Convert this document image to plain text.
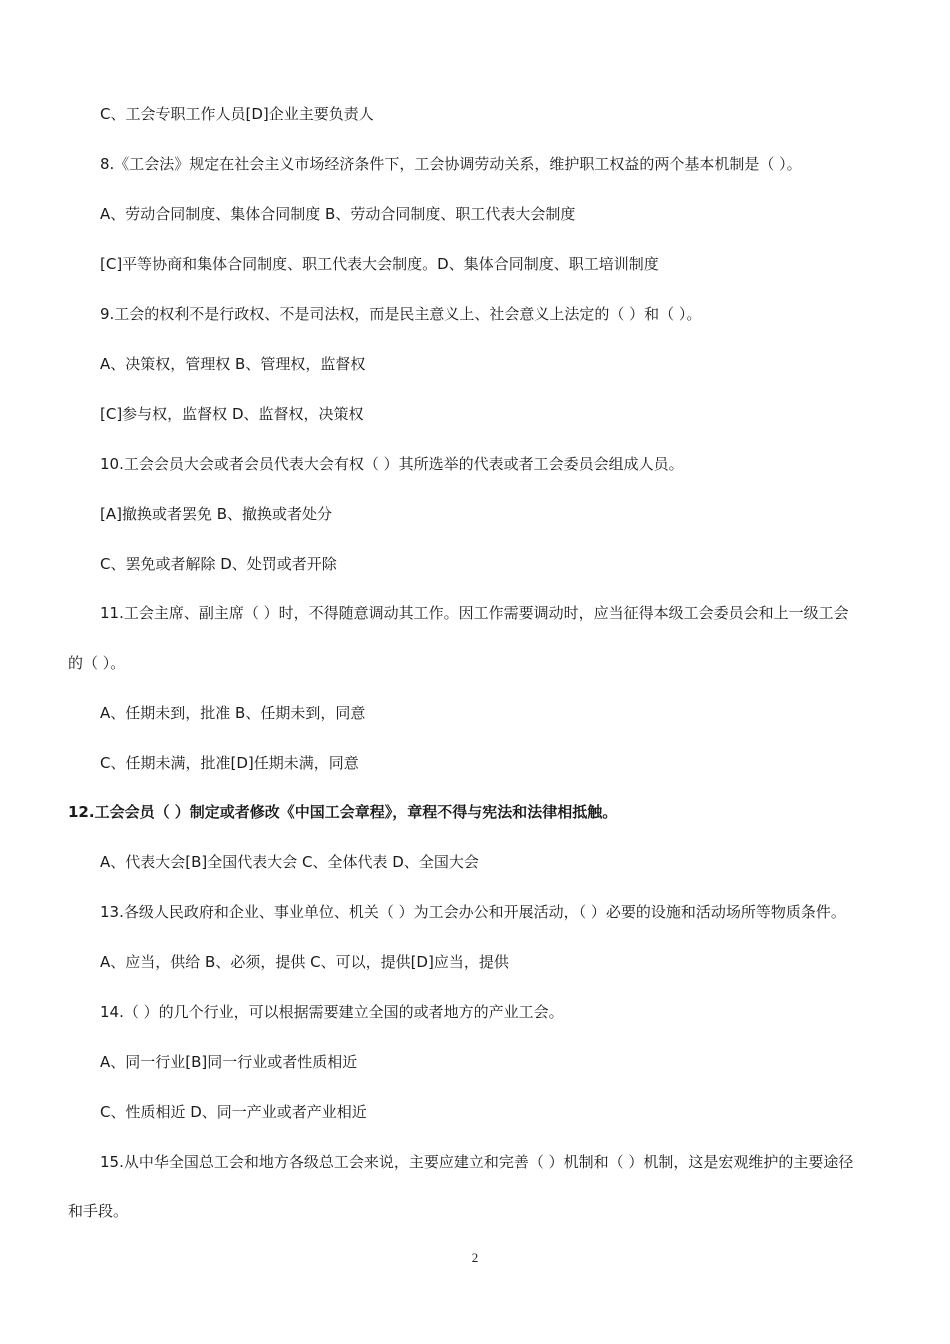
C、工会专职工作人员[D]企业主要负责人
8.《工会法》规定在社会主义市场经济条件下，工会协调劳动关系，维护职工权益的两个基本机制是（ ）。
A、劳动合同制度、集体合同制度 B、劳动合同制度、职工代表大会制度
[C]平等协商和集体合同制度、职工代表大会制度。D、集体合同制度、职工培训制度
9.工会的权利不是行政权、不是司法权，而是民主意义上、社会意义上法定的（ ）和（ ）。
A、决策权，管理权 B、管理权，监督权
[C]参与权，监督权 D、监督权，决策权
10.工会会员大会或者会员代表大会有权（ ）其所选举的代表或者工会委员会组成人员。
[A]撤换或者罢免 B、撤换或者处分
C、罢免或者解除 D、处罚或者开除
11.工会主席、副主席（ ）时，不得随意调动其工作。因工作需要调动时，应当征得本级工会委员会和上一级工会
的（ ）。
A、任期未到，批准 B、任期未到，同意
C、任期未满，批准[D]任期未满，同意
12.工会会员（ ）制定或者修改《中国工会章程》，章程不得与宪法和法律相抵触。
A、代表大会[B]全国代表大会 C、全体代表 D、全国大会
13.各级人民政府和企业、事业单位、机关（ ）为工会办公和开展活动，（ ）必要的设施和活动场所等物质条件。
A、应当，供给 B、必须，提供 C、可以，提供[D]应当，提供
14.（ ）的几个行业，可以根据需要建立全国的或者地方的产业工会。
A、同一行业[B]同一行业或者性质相近
C、性质相近 D、同一产业或者产业相近
15.从中华全国总工会和地方各级总工会来说，主要应建立和完善（ ）机制和（ ）机制，这是宏观维护的主要途径
和手段。
2
